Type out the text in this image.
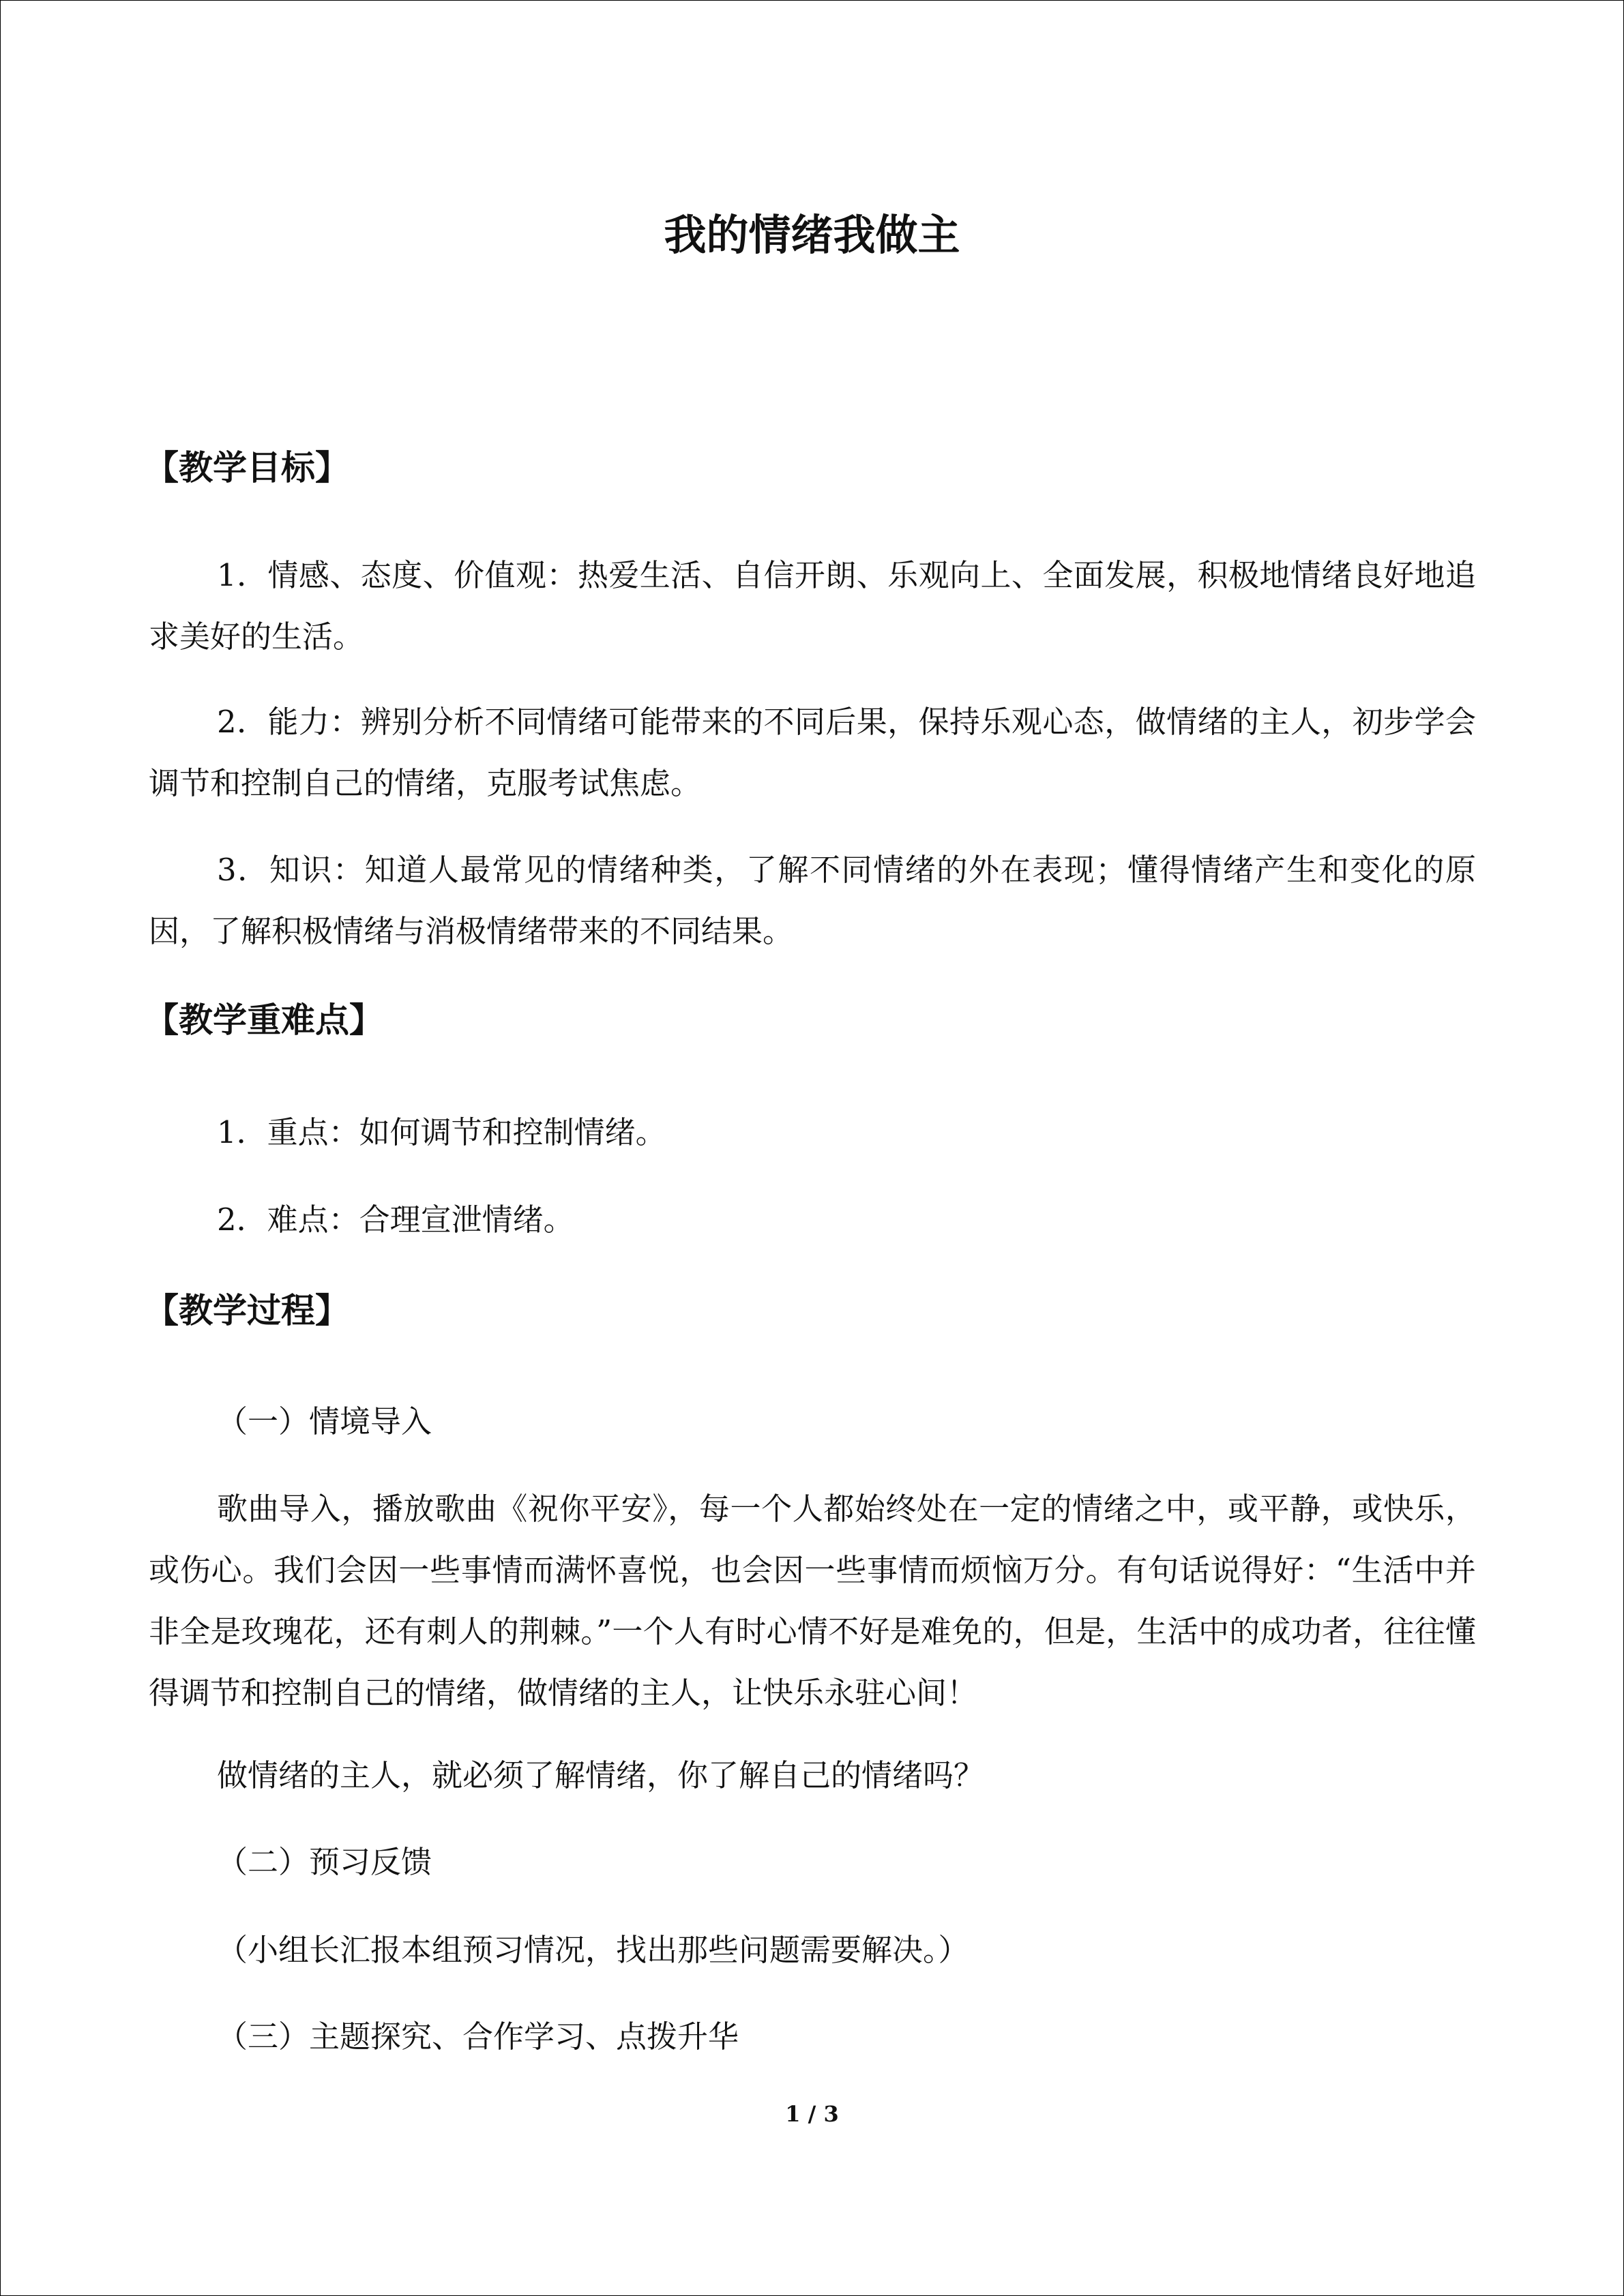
我的情绪我做主
【教学目标】

1．情感、态度、价值观：热爱生活、自信开朗、乐观向上、全面发展，积极地情绪良好地追求美好的生活。

2．能力：辨别分析不同情绪可能带来的不同后果，保持乐观心态，做情绪的主人，初步学会调节和控制自己的情绪，克服考试焦虑。

3．知识：知道人最常见的情绪种类，了解不同情绪的外在表现；懂得情绪产生和变化的原因，了解积极情绪与消极情绪带来的不同结果。

【教学重难点】

1．重点：如何调节和控制情绪。

2．难点：合理宣泄情绪。

【教学过程】

（一）情境导入

歌曲导入，播放歌曲《祝你平安》，每一个人都始终处在一定的情绪之中，或平静，或快乐，或伤心。我们会因一些事情而满怀喜悦，也会因一些事情而烦恼万分。有句话说得好：“生活中并非全是玫瑰花，还有刺人的荆棘。”一个人有时心情不好是难免的，但是，生活中的成功者，往往懂得调节和控制自己的情绪，做情绪的主人，让快乐永驻心间！

做情绪的主人，就必须了解情绪，你了解自己的情绪吗？

（二）预习反馈

（小组长汇报本组预习情况，找出那些问题需要解决。）

（三）主题探究、合作学习、点拨升华

1 / 3
